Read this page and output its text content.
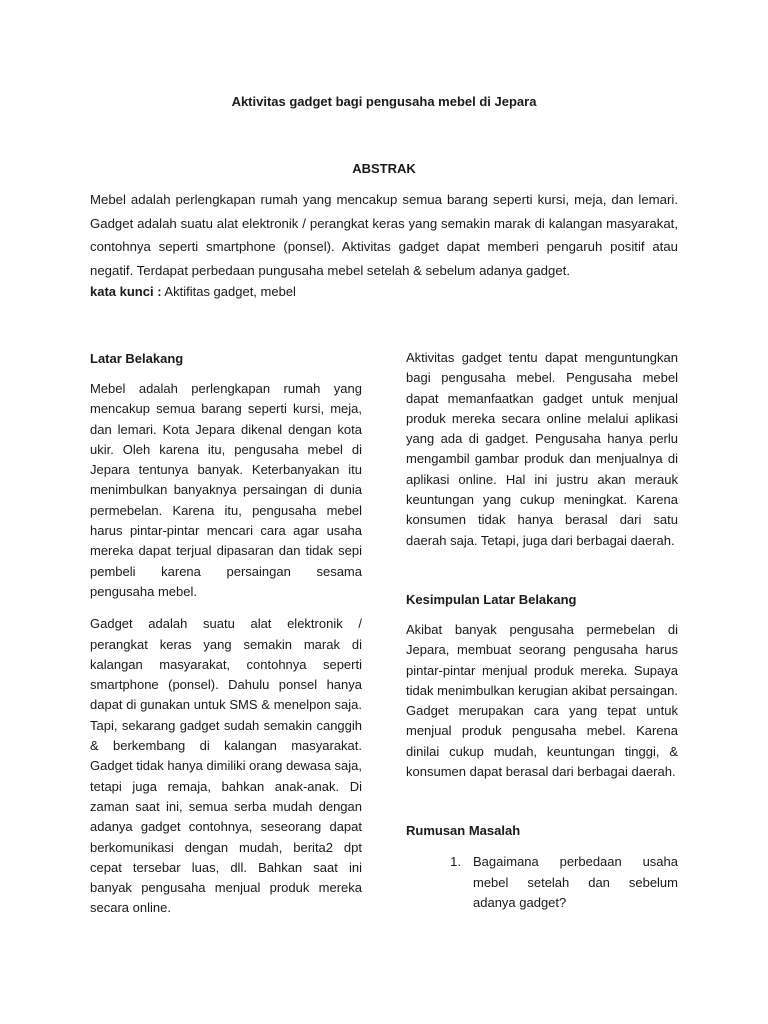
Aktivitas gadget bagi pengusaha mebel di Jepara
ABSTRAK

Mebel adalah perlengkapan rumah yang mencakup semua barang seperti kursi, meja, dan lemari. Gadget adalah suatu alat elektronik / perangkat keras yang semakin marak di kalangan masyarakat, contohnya seperti smartphone (ponsel). Aktivitas gadget dapat memberi pengaruh positif atau negatif. Terdapat perbedaan pungusaha mebel setelah & sebelum adanya gadget.

kata kunci : Aktifitas gadget, mebel

Latar Belakang

Mebel adalah perlengkapan rumah yang mencakup semua barang seperti kursi, meja, dan lemari. Kota Jepara dikenal dengan kota ukir. Oleh karena itu, pengusaha mebel di Jepara tentunya banyak. Keterbanyakan itu menimbulkan banyaknya persaingan di dunia permebelan. Karena itu, pengusaha mebel harus pintar-pintar mencari cara agar usaha mereka dapat terjual dipasaran dan tidak sepi pembeli karena persaingan sesama pengusaha mebel.

Gadget adalah suatu alat elektronik / perangkat keras yang semakin marak di kalangan masyarakat, contohnya seperti smartphone (ponsel). Dahulu ponsel hanya dapat di gunakan untuk SMS & menelpon saja. Tapi, sekarang gadget sudah semakin canggih & berkembang di kalangan masyarakat. Gadget tidak hanya dimiliki orang dewasa saja, tetapi juga remaja, bahkan anak-anak. Di zaman saat ini, semua serba mudah dengan adanya gadget contohnya, seseorang dapat berkomunikasi dengan mudah, berita2 dpt cepat tersebar luas, dll. Bahkan saat ini banyak pengusaha menjual produk mereka secara online.

Aktivitas gadget tentu dapat menguntungkan bagi pengusaha mebel. Pengusaha mebel dapat memanfaatkan gadget untuk menjual produk mereka secara online melalui aplikasi yang ada di gadget. Pengusaha hanya perlu mengambil gambar produk dan menjualnya di aplikasi online. Hal ini justru akan merauk keuntungan yang cukup meningkat. Karena konsumen tidak hanya berasal dari satu daerah saja. Tetapi, juga dari berbagai daerah.

Kesimpulan Latar Belakang

Akibat banyak pengusaha permebelan di Jepara, membuat seorang pengusaha harus pintar-pintar menjual produk mereka. Supaya tidak menimbulkan kerugian akibat persaingan. Gadget merupakan cara yang tepat untuk menjual produk pengusaha mebel. Karena dinilai cukup mudah, keuntungan tinggi, & konsumen dapat berasal dari berbagai daerah.

Rumusan Masalah
1. Bagaimana perbedaan usaha mebel setelah dan sebelum adanya gadget?
